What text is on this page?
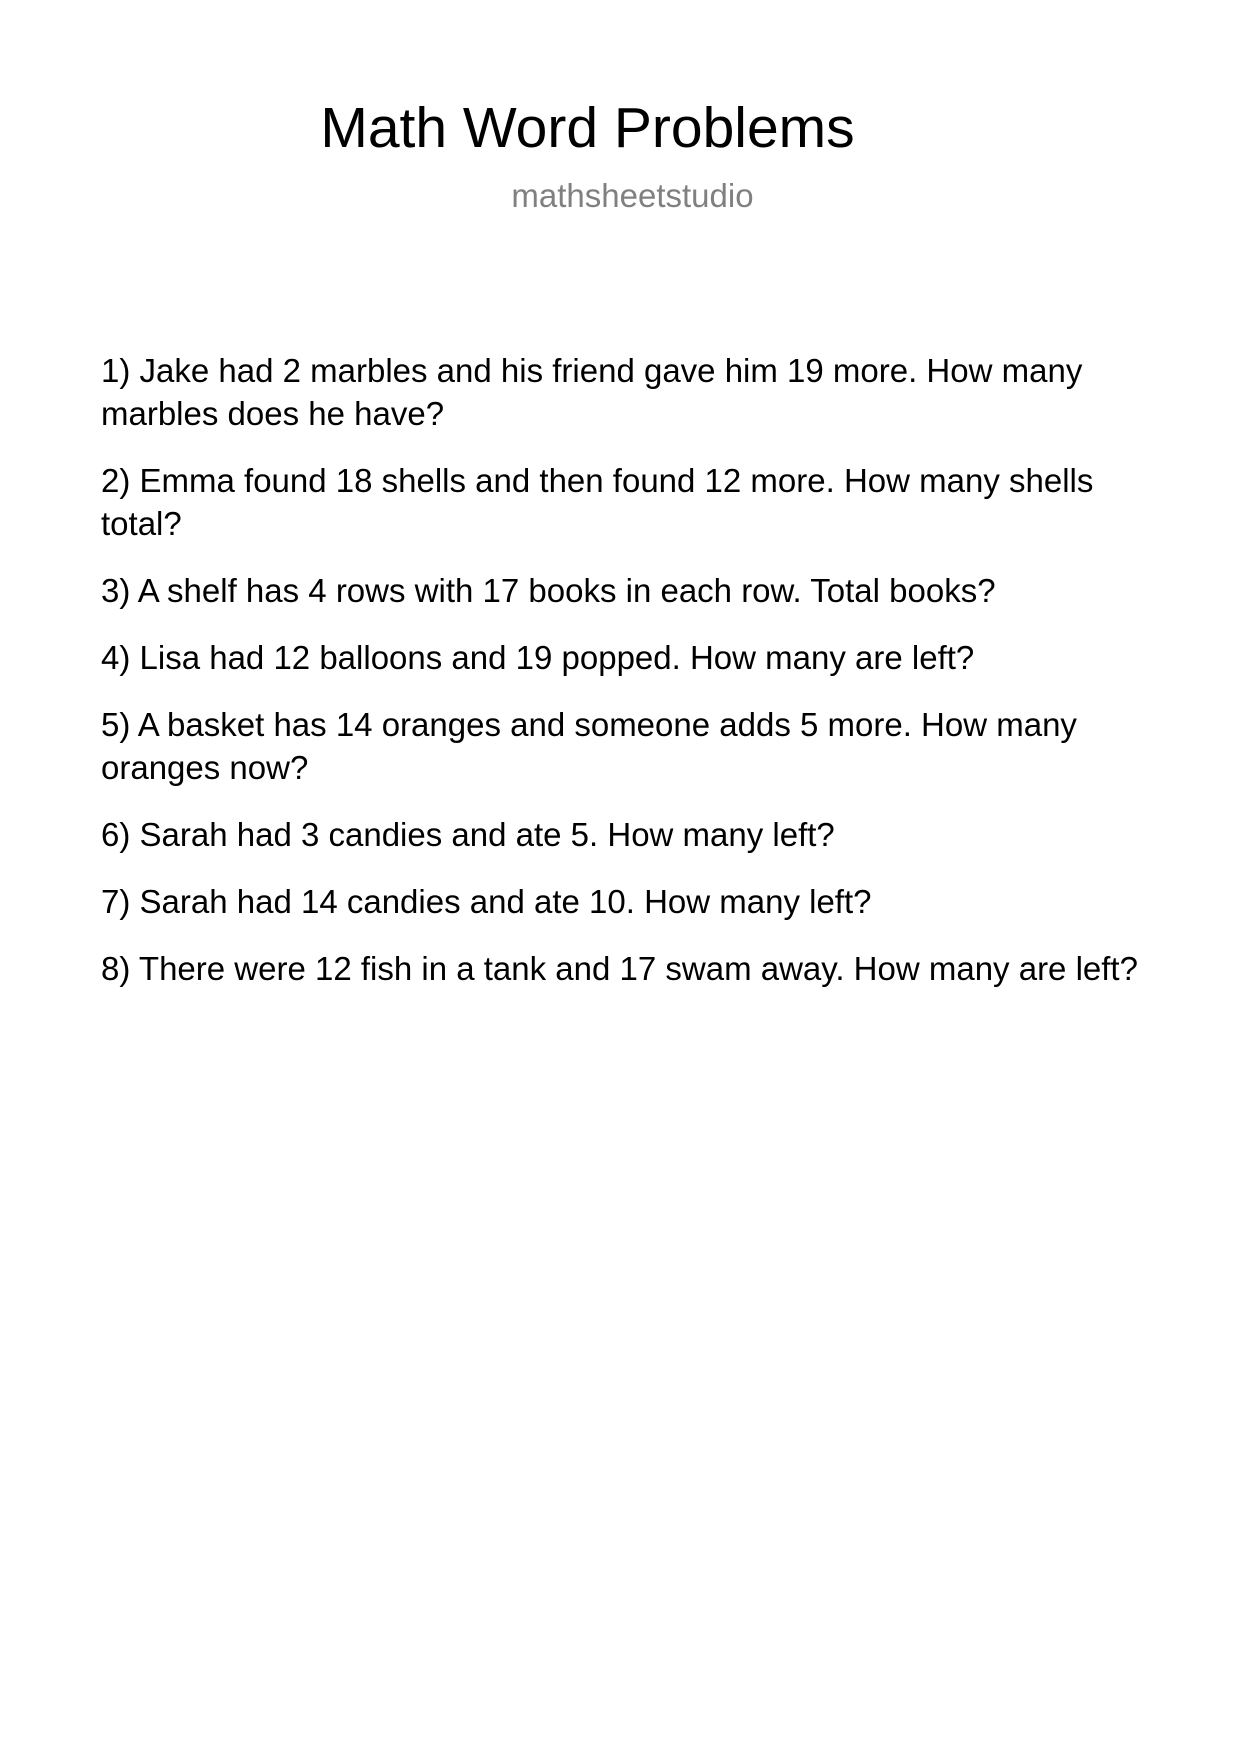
Math Word Problems
mathsheetstudio
1) Jake had 2 marbles and his friend gave him 19 more. How many marbles does he have?
2) Emma found 18 shells and then found 12 more. How many shells total?
3) A shelf has 4 rows with 17 books in each row. Total books?
4) Lisa had 12 balloons and 19 popped. How many are left?
5) A basket has 14 oranges and someone adds 5 more. How many oranges now?
6) Sarah had 3 candies and ate 5. How many left?
7) Sarah had 14 candies and ate 10. How many left?
8) There were 12 fish in a tank and 17 swam away. How many are left?
